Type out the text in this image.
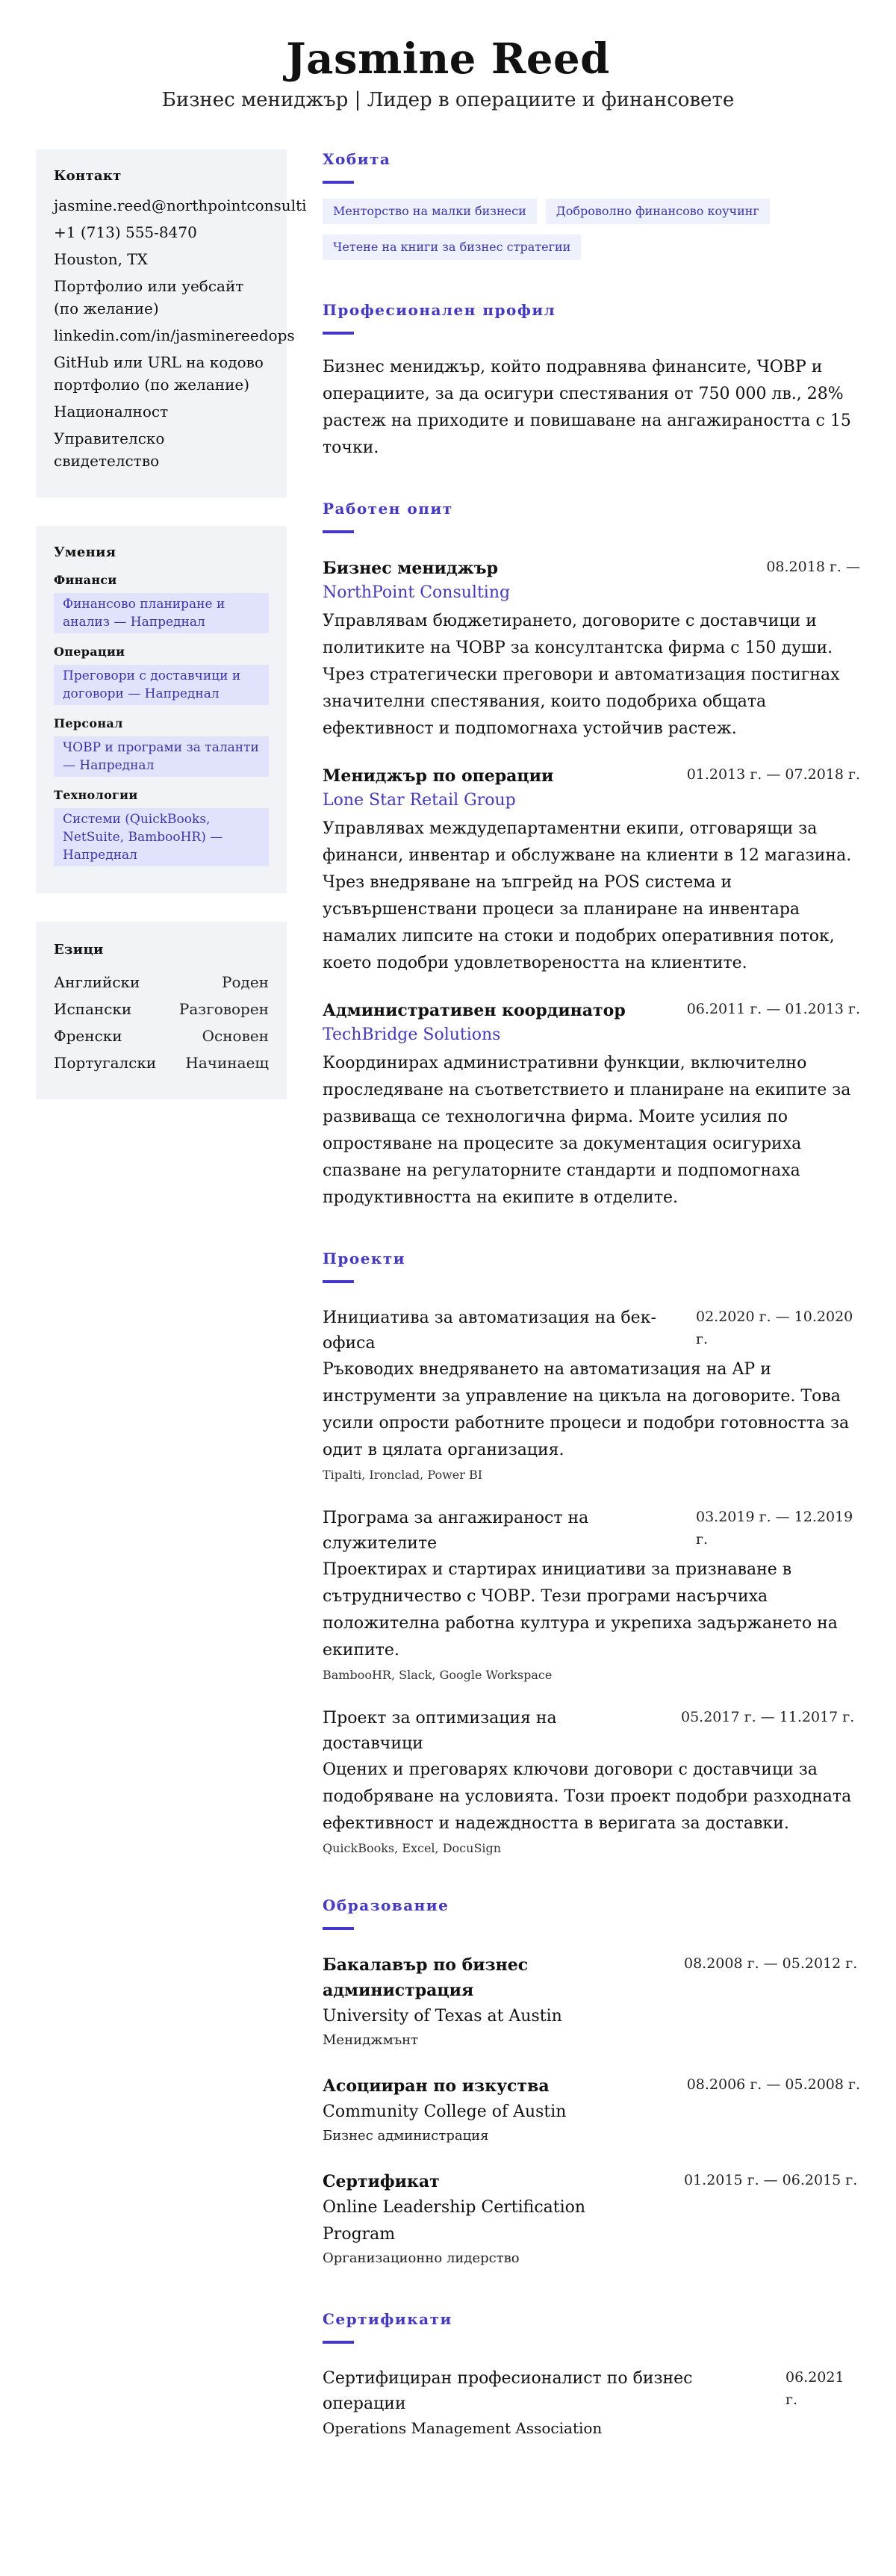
Jasmine Reed
Бизнес мениджър | Лидер в операциите и финансовете
Контакт
jasmine.reed@northpointconsulti
+1 (713) 555-8470
Houston, TX
Портфолио или уебсайт (по желание)
linkedin.com/in/jasminereedops
GitHub или URL на кодово портфолио (по желание)
Националност
Управителско свидетелство
Умения
Финанси
Финансово планиране и анализ — Напреднал
Операции
Преговори с доставчици и договори — Напреднал
Персонал
ЧОВР и програми за таланти — Напреднал
Технологии
Системи (QuickBooks, NetSuite, BambooHR) — Напреднал
Езици
Английски	Роден
Испански	Разговорен
Френски	Основен
Португалски Начинаещ
Хобита
Менторство на малки бизнеси	Доброволно финансово коучинг
Четене на книги за бизнес стратегии
Професионален профил

Бизнес мениджър, който подравнява финансите, ЧОВР и операциите, за да осигури спестявания от 750 000 лв., 28% растеж на приходите и повишаване на ангажираността с 15 точки.

Работен опит
Бизнес мениджър	08.2018 г. —
NorthPoint Consulting

Управлявам бюджетирането, договорите с доставчици и политиките на ЧОВР за консултантска фирма с 150 души. Чрез стратегически преговори и автоматизация постигнах значителни спестявания, които подобриха общата ефективност и подпомогнаха устойчив растеж.

Мениджър по операции	01.2013 г. — 07.2018 г.
Lone Star Retail Group

Управлявах междудепартаментни екипи, отговарящи за финанси, инвентар и обслужване на клиенти в 12 магазина. Чрез внедряване на ъпгрейд на POS система и усъвършенствани процеси за планиране на инвентара намалих липсите на стоки и подобрих оперативния поток, което подобри удовлетвореността на клиентите.

Административен координатор	06.2011 г. — 01.2013 г.
TechBridge Solutions

Координирах административни функции, включително проследяване на съответствието и планиране на екипите за развиваща се технологична фирма. Моите усилия по опростяване на процесите за документация осигуриха спазване на регулаторните стандарти и подпомогнаха продуктивността на екипите в отделите.

Проекти
Инициатива за автоматизация на бек-офиса
02.2020 г. — 10.2020 г.

Ръководих внедряването на автоматизация на AP и инструменти за управление на цикъла на договорите. Това усили опрости работните процеси и подобри готовността за одит в цялата организация.

Tipalti, Ironclad, Power BI
Програма за ангажираност на служителите
03.2019 г. — 12.2019 г.

Проектирах и стартирах инициативи за признаване в сътрудничество с ЧОВР. Тези програми насърчиха положителна работна култура и укрепиха задържането на екипите.

BambooHR, Slack, Google Workspace
Проект за оптимизация на доставчици
05.2017 г. — 11.2017 г.

Оцених и преговарях ключови договори с доставчици за подобряване на условията. Този проект подобри разходната ефективност и надеждността в веригата за доставки.

QuickBooks, Excel, DocuSign
Образование
Бакалавър по бизнес администрация
University of Texas at Austin
Мениджмънт
08.2008 г. — 05.2012 г.
Асоцииран по изкуства
Community College of Austin
Бизнес администрация
08.2006 г. — 05.2008 г.
Сертификат
Online Leadership Certification Program
Организационно лидерство
01.2015 г. — 06.2015 г.
Сертификати
Сертифициран професионалист по бизнес операции
Operations Management Association
06.2021 г.
